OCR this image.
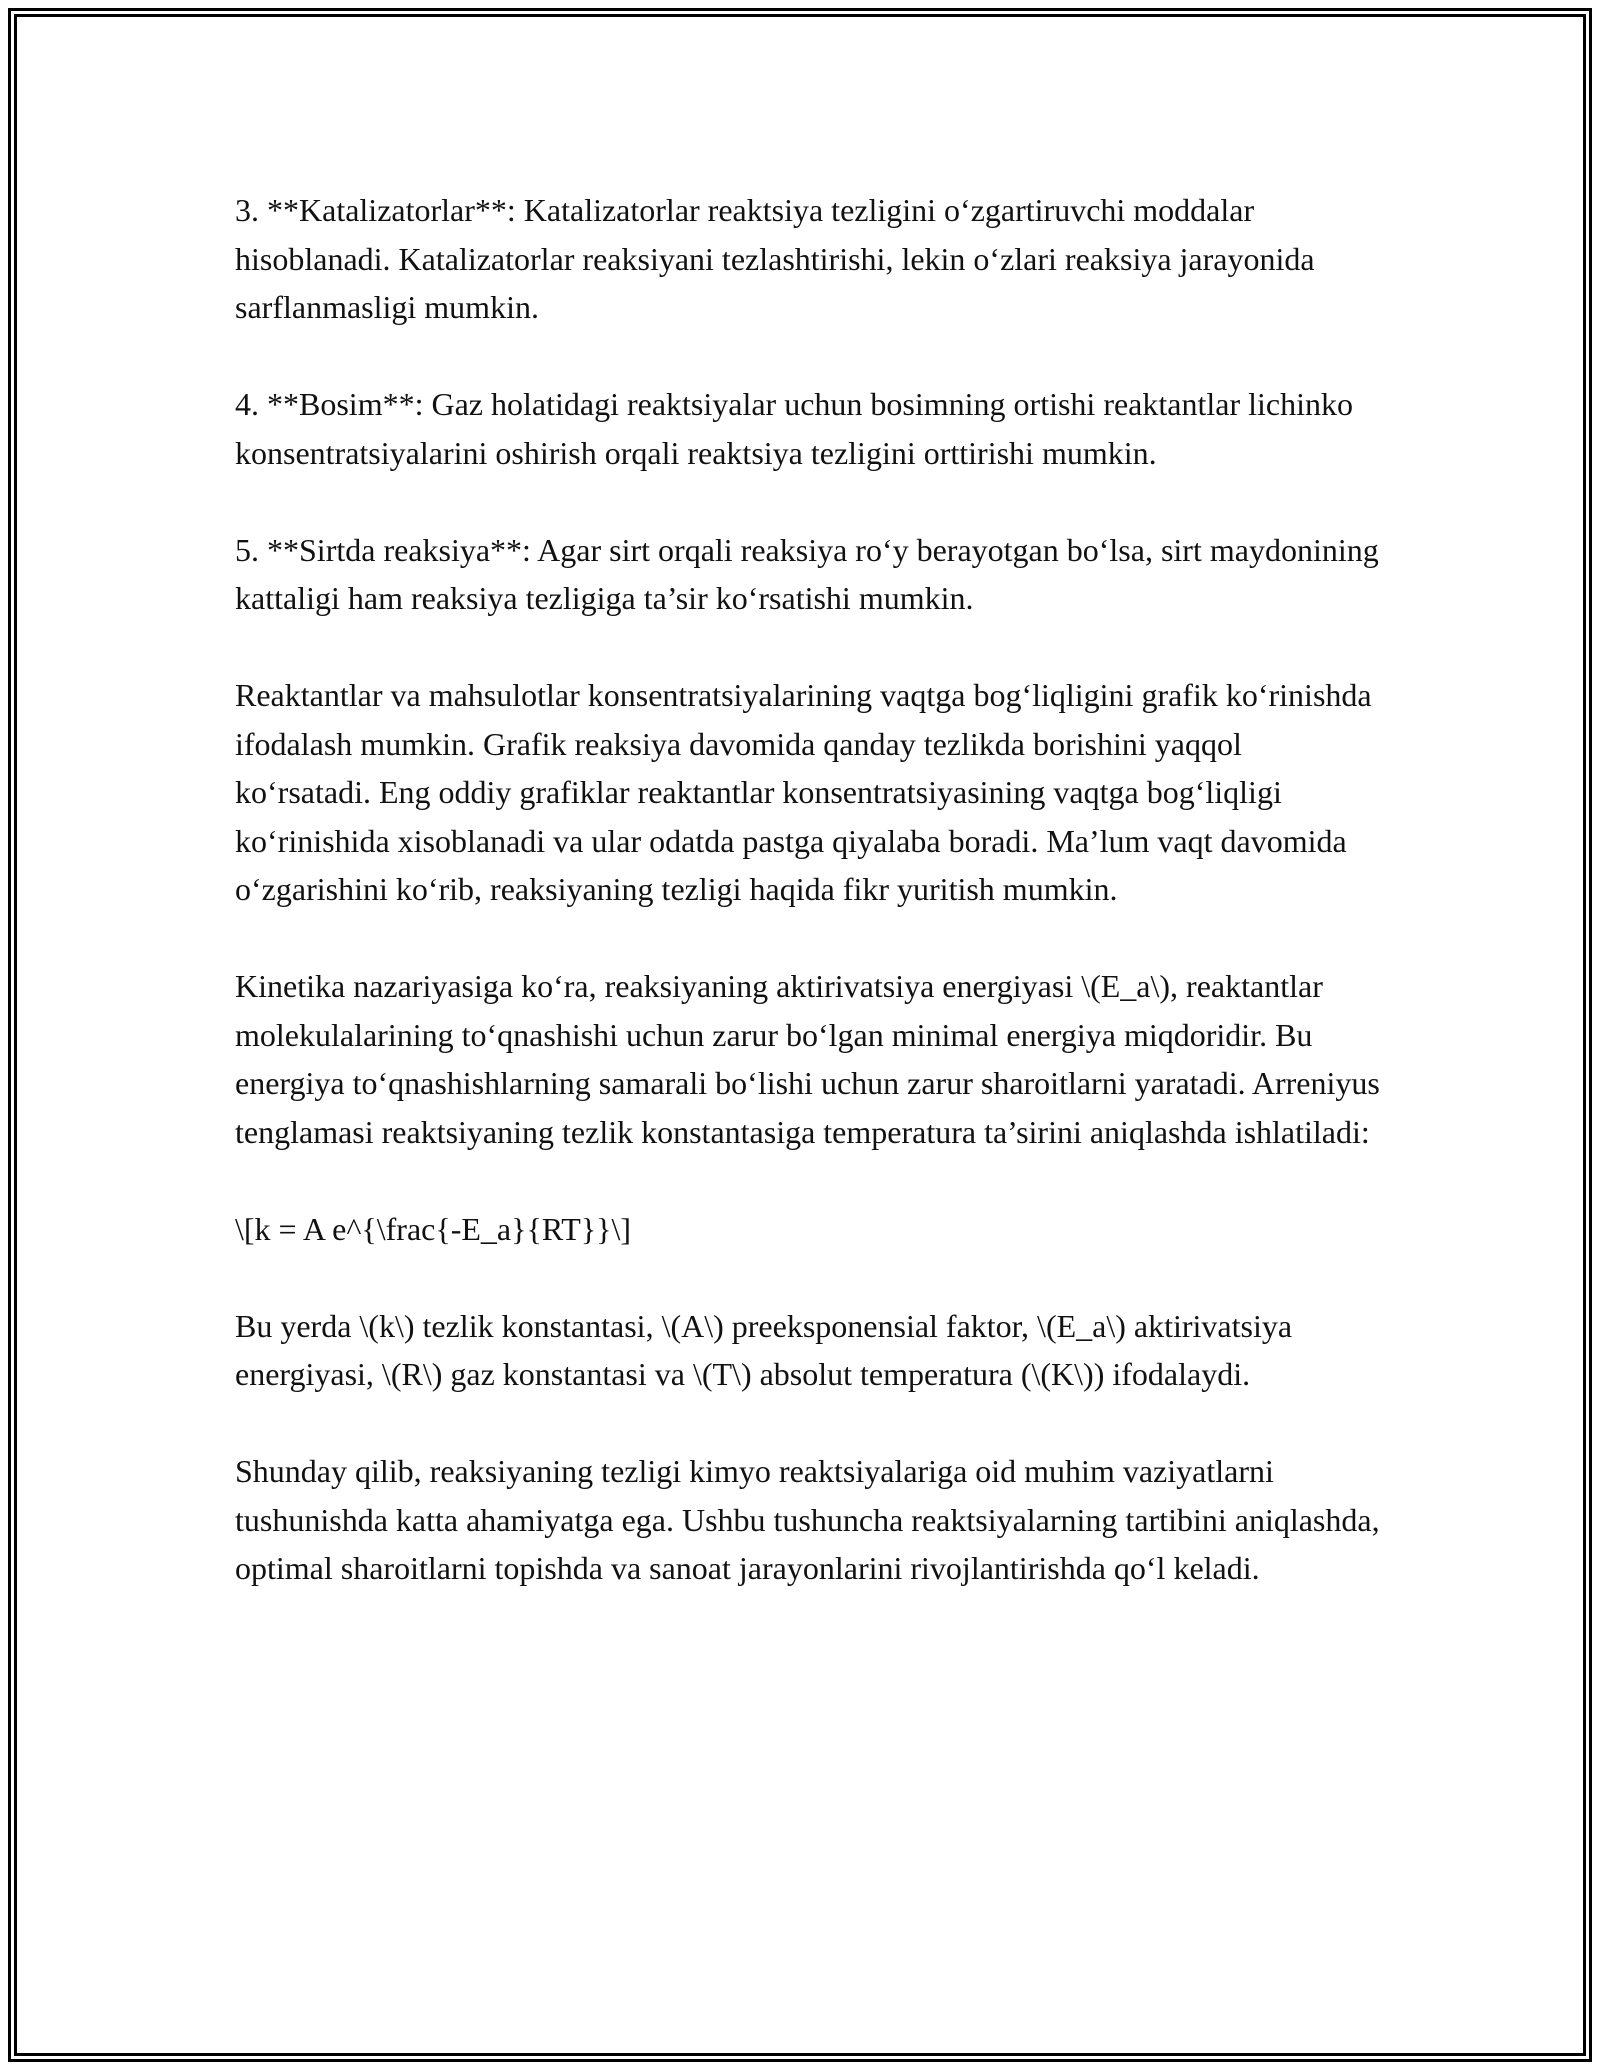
3. **Katalizatorlar**: Katalizatorlar reaktsiya tezligini o‘zgartiruvchi moddalar hisoblanadi. Katalizatorlar reaksiyani tezlashtirishi, lekin o‘zlari reaksiya jarayonida sarflanmasligi mumkin.

4. **Bosim**: Gaz holatidagi reaktsiyalar uchun bosimning ortishi reaktantlar lichinko konsentratsiyalarini oshirish orqali reaktsiya tezligini orttirishi mumkin.

5. **Sirtda reaksiya**: Agar sirt orqali reaksiya ro‘y berayotgan bo‘lsa, sirt maydonining kattaligi ham reaksiya tezligiga ta’sir ko‘rsatishi mumkin.

Reaktantlar va mahsulotlar konsentratsiyalarining vaqtga bog‘liqligini grafik ko‘rinishda ifodalash mumkin. Grafik reaksiya davomida qanday tezlikda borishini yaqqol ko‘rsatadi. Eng oddiy grafiklar reaktantlar konsentratsiyasining vaqtga bog‘liqligi ko‘rinishida xisoblanadi va ular odatda pastga qiyalaba boradi. Ma’lum vaqt davomida o‘zgarishini ko‘rib, reaksiyaning tezligi haqida fikr yuritish mumkin.

Kinetika nazariyasiga ko‘ra, reaksiyaning aktirivatsiya energiyasi \(E_a\), reaktantlar molekulalarining to‘qnashishi uchun zarur bo‘lgan minimal energiya miqdoridir. Bu energiya to‘qnashishlarning samarali bo‘lishi uchun zarur sharoitlarni yaratadi. Arreniyus tenglamasi reaktsiyaning tezlik konstantasiga temperatura ta’sirini aniqlashda ishlatiladi:

\[k = A e^{\frac{-E_a}{RT}}\]

Bu yerda \(k\) tezlik konstantasi, \(A\) preeksponensial faktor, \(E_a\) aktirivatsiya energiyasi, \(R\) gaz konstantasi va \(T\) absolut temperatura (\(K\)) ifodalaydi.

Shunday qilib, reaksiyaning tezligi kimyo reaktsiyalariga oid muhim vaziyatlarni tushunishda katta ahamiyatga ega. Ushbu tushuncha reaktsiyalarning tartibini aniqlashda, optimal sharoitlarni topishda va sanoat jarayonlarini rivojlantirishda qo‘l keladi.
